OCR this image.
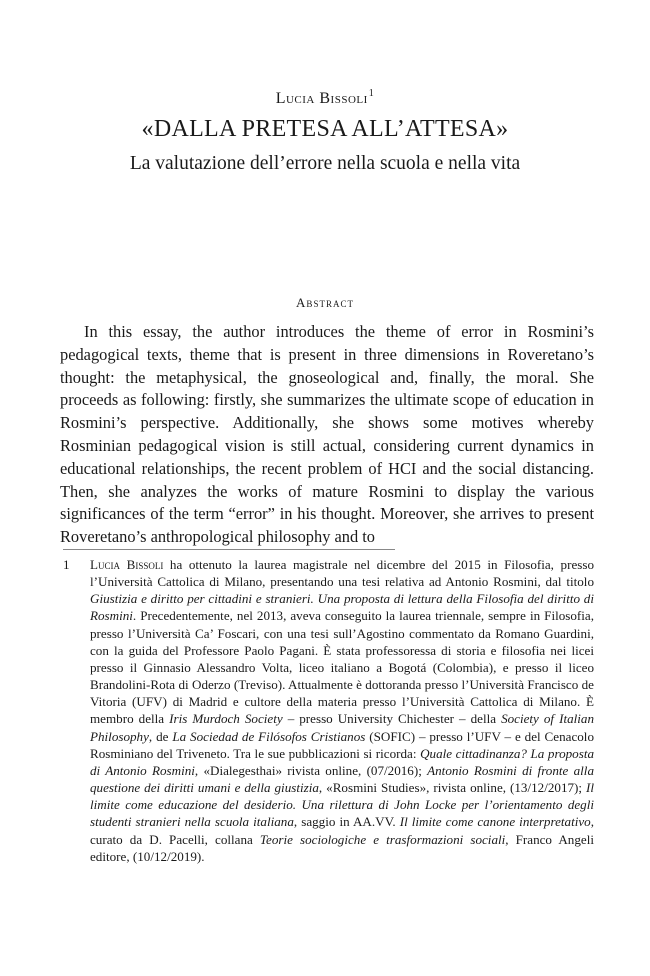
Lucia Bissoli$^1$
«DALLA PRETESA ALL’ATTESA»
La valutazione dell’errore nella scuola e nella vita
Abstract

In this essay, the author introduces the theme of error in Rosmini’s pedagogical texts, theme that is present in three dimensions in Roveretano’s thought: the metaphysical, the gnoseological and, finally, the moral. She proceeds as following: firstly, she summarizes the ultimate scope of education in Rosmini’s perspective. Additionally, she shows some motives whereby Rosminian pedagogical vision is still actual, considering current dynamics in educational relationships, the recent problem of HCI and the social distancing. Then, she analyzes the works of mature Rosmini to display the various significances of the term “error” in his thought. Moreover, she arrives to present Roveretano’s anthropological philosophy and to

1	Lucia Bissoli ha ottenuto la laurea magistrale nel dicembre del 2015 in Filosofia, presso l’Università Cattolica di Milano, presentando una tesi relativa ad Antonio Rosmini, dal titolo Giustizia e diritto per cittadini e stranieri. Una proposta di lettura della Filosofia del diritto di Rosmini. Precedentemente, nel 2013, aveva conseguito la laurea triennale, sempre in Filosofia, presso l’Università Ca’ Foscari, con una tesi sull’Agostino commentato da Romano Guardini, con la guida del Professore Paolo Pagani. È stata professoressa di storia e filosofia nei licei presso il Ginnasio Alessandro Volta, liceo italiano a Bogotá (Colombia), e presso il liceo Brandolini-Rota di Oderzo (Treviso). Attualmente è dottoranda presso l’Università Francisco de Vitoria (UFV) di Madrid e cultore della materia presso l’Università Cattolica di Milano. È membro della Iris Murdoch Society – presso University Chichester – della Society of Italian Philosophy, de La Sociedad de Filósofos Cristianos (SOFIC) – presso l’UFV – e del Cenacolo Rosminiano del Triveneto. Tra le sue pubblicazioni si ricorda: Quale cittadinanza? La proposta di Antonio Rosmini, «Dialegesthai» rivista online, (07/2016); Antonio Rosmini di fronte alla questione dei diritti umani e della giustizia, «Rosmini Studies», rivista online, (13/12/2017); Il limite come educazione del desiderio. Una rilettura di John Locke per l’orientamento degli studenti stranieri nella scuola italiana, saggio in AA.VV. Il limite come canone interpretativo, curato da D. Pacelli, collana Teorie sociologiche e trasformazioni sociali, Franco Angeli editore, (10/12/2019).
